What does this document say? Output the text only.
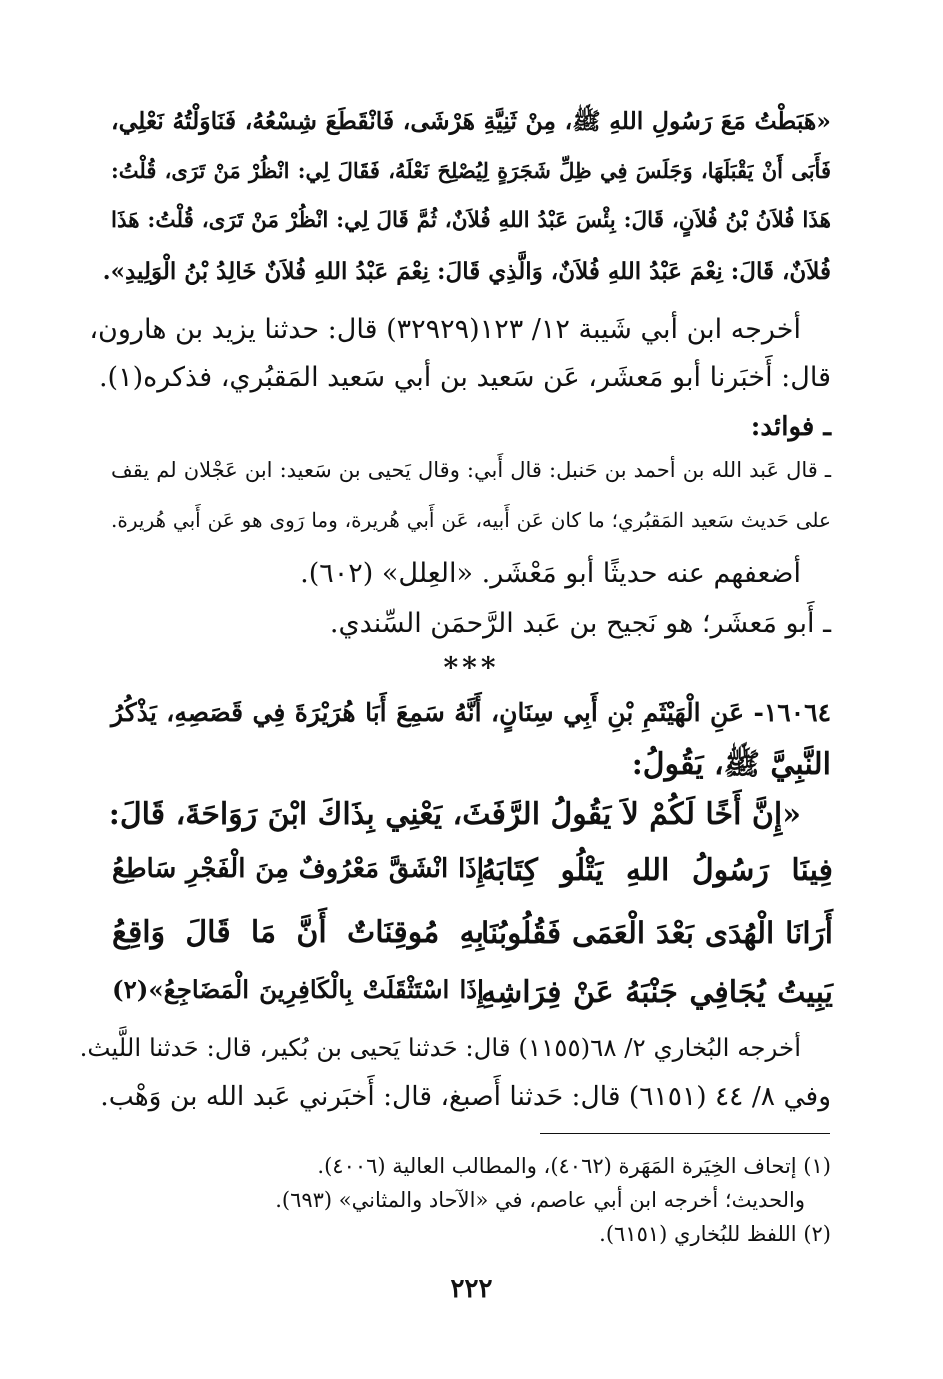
«هَبَطْتُ مَعَ رَسُولِ اللهِ ﷺ، مِنْ ثَنِيَّةِ هَرْشَى، فَانْقَطَعَ شِسْعُهُ، فَنَاوَلْتُهُ نَعْلِي،
فَأَبَى أَنْ يَقْبَلَهَا، وَجَلَسَ فِي ظِلِّ شَجَرَةٍ لِيُصْلِحَ نَعْلَهُ، فَقَالَ لِي: انْظُرْ مَنْ تَرَى، قُلْتُ:
هَذَا فُلاَنُ بْنُ فُلاَنٍ، قَالَ: بِئْسَ عَبْدُ اللهِ فُلاَنٌ، ثُمَّ قَالَ لِي: انْظُرْ مَنْ تَرَى، قُلْتُ: هَذَا
فُلاَنٌ، قَالَ: نِعْمَ عَبْدُ اللهِ فُلاَنٌ، وَالَّذِي قَالَ: نِعْمَ عَبْدُ اللهِ فُلاَنٌ خَالِدُ بْنُ الْوَلِيدِ».
أخرجه ابن أبي شَيبة ١٢/ ١٢٣(٣٢٩٢٩) قال: حدثنا يزيد بن هارون،
قال: أَخبَرنا أبو مَعشَر، عَن سَعيد بن أبي سَعيد المَقبُري، فذكره(١).
ـ فوائد:
ـ قال عَبد الله بن أحمد بن حَنبل: قال أَبي: وقال يَحيى بن سَعيد: ابن عَجْلان لم يقف
على حَديث سَعيد المَقبُري؛ ما كان عَن أَبيه، عَن أَبي هُريرة، وما رَوى هو عَن أَبي هُريرة.
أضعفهم عنه حديثًا أبو مَعْشَر. «العِلل» (٦٠٢).
ـ أَبو مَعشَر؛ هو نَجيح بن عَبد الرَّحمَن السِّندي.
***
١٦٠٦٤- عَنِ الْهَيْثَمِ بْنِ أَبِي سِنَانٍ، أَنَّهُ سَمِعَ أَبَا هُرَيْرَةَ فِي قَصَصِهِ، يَذْكُرُ
النَّبِيَّ ﷺ، يَقُولُ:
«إِنَّ أَخًا لَكُمْ لاَ يَقُولُ الرَّفَثَ، يَعْنِي بِذَاكَ ابْنَ رَوَاحَةَ، قَالَ:
فِينَا رَسُولُ اللهِ يَتْلُو كِتَابَهُ
إِذَا انْشَقَّ مَعْرُوفٌ مِنَ الْفَجْرِ سَاطِعُ
أَرَانَا الْهُدَى بَعْدَ الْعَمَى فَقُلُوبُنَا
بِهِ مُوقِنَاتٌ أَنَّ مَا قَالَ وَاقِعُ
يَبِيتُ يُجَافِي جَنْبَهُ عَنْ فِرَاشِهِ
إِذَا اسْتَثْقَلَتْ بِالْكَافِرِينَ الْمَضَاجِعُ»(٢)
أخرجه البُخاري ٢/ ٦٨(١١٥٥) قال: حَدثنا يَحيى بن بُكير، قال: حَدثنا اللَّيث.
وفي ٨/ ٤٤ (٦١٥١) قال: حَدثنا أَصبغ، قال: أَخبَرني عَبد الله بن وَهْب.
(١) إتحاف الخِيَرة المَهَرة (٤٠٦٢)، والمطالب العالية (٤٠٠٦).
والحديث؛ أخرجه ابن أبي عاصم، في «الآحاد والمثاني» (٦٩٣).
(٢) اللفظ للبُخاري (٦١٥١).
٢٢٢
